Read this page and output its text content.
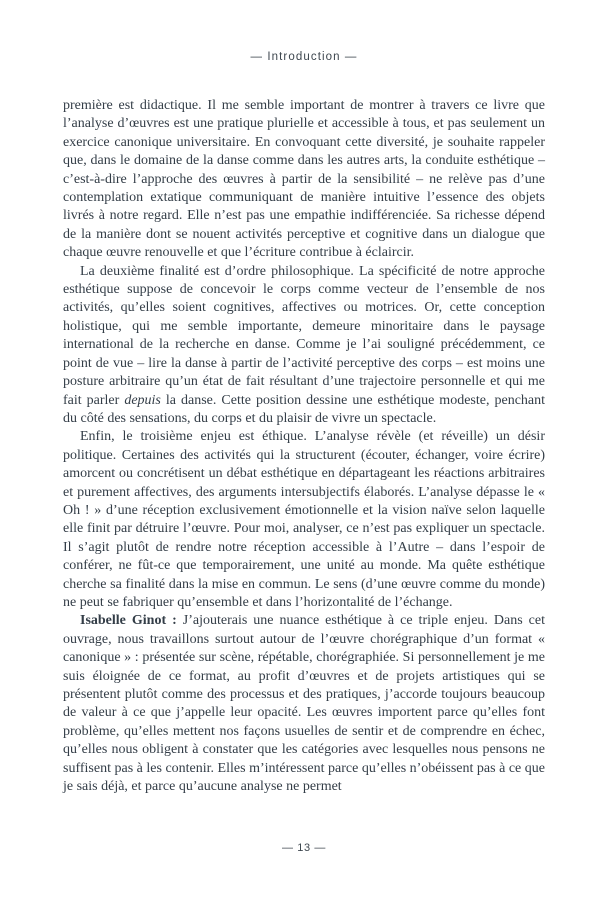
— Introduction —

première est didactique. Il me semble important de montrer à travers ce livre que l’analyse d’œuvres est une pratique plurielle et accessible à tous, et pas seulement un exercice canonique universitaire. En convoquant cette diversité, je souhaite rappeler que, dans le domaine de la danse comme dans les autres arts, la conduite esthétique – c’est-à-dire l’approche des œuvres à partir de la sensibilité – ne relève pas d’une contemplation extatique communiquant de manière intuitive l’essence des objets livrés à notre regard. Elle n’est pas une empathie indifférenciée. Sa richesse dépend de la manière dont se nouent activités perceptive et cognitive dans un dialogue que chaque œuvre renouvelle et que l’écriture contribue à éclaircir.

La deuxième finalité est d’ordre philosophique. La spécificité de notre approche esthétique suppose de concevoir le corps comme vecteur de l’ensemble de nos activités, qu’elles soient cognitives, affectives ou motrices. Or, cette conception holistique, qui me semble importante, demeure minoritaire dans le paysage international de la recherche en danse. Comme je l’ai souligné précédemment, ce point de vue – lire la danse à partir de l’activité perceptive des corps – est moins une posture arbitraire qu’un état de fait résultant d’une trajectoire personnelle et qui me fait parler depuis la danse. Cette position dessine une esthétique modeste, penchant du côté des sensations, du corps et du plaisir de vivre un spectacle.

Enfin, le troisième enjeu est éthique. L’analyse révèle (et réveille) un désir politique. Certaines des activités qui la structurent (écouter, échanger, voire écrire) amorcent ou concrétisent un débat esthétique en départageant les réactions arbitraires et purement affectives, des arguments intersubjectifs élaborés. L’analyse dépasse le « Oh ! » d’une réception exclusivement émotionnelle et la vision naïve selon laquelle elle finit par détruire l’œuvre. Pour moi, analyser, ce n’est pas expliquer un spectacle. Il s’agit plutôt de rendre notre réception accessible à l’Autre – dans l’espoir de conférer, ne fût-ce que temporairement, une unité au monde. Ma quête esthétique cherche sa finalité dans la mise en commun. Le sens (d’une œuvre comme du monde) ne peut se fabriquer qu’ensemble et dans l’horizontalité de l’échange.

Isabelle Ginot : J’ajouterais une nuance esthétique à ce triple enjeu. Dans cet ouvrage, nous travaillons surtout autour de l’œuvre chorégraphique d’un format « canonique » : présentée sur scène, répétable, chorégraphiée. Si personnellement je me suis éloignée de ce format, au profit d’œuvres et de projets artistiques qui se présentent plutôt comme des processus et des pratiques, j’accorde toujours beaucoup de valeur à ce que j’appelle leur opacité. Les œuvres importent parce qu’elles font problème, qu’elles mettent nos façons usuelles de sentir et de comprendre en échec, qu’elles nous obligent à constater que les catégories avec lesquelles nous pensons ne suffisent pas à les contenir. Elles m’intéressent parce qu’elles n’obéissent pas à ce que je sais déjà, et parce qu’aucune analyse ne permet

— 13 —
